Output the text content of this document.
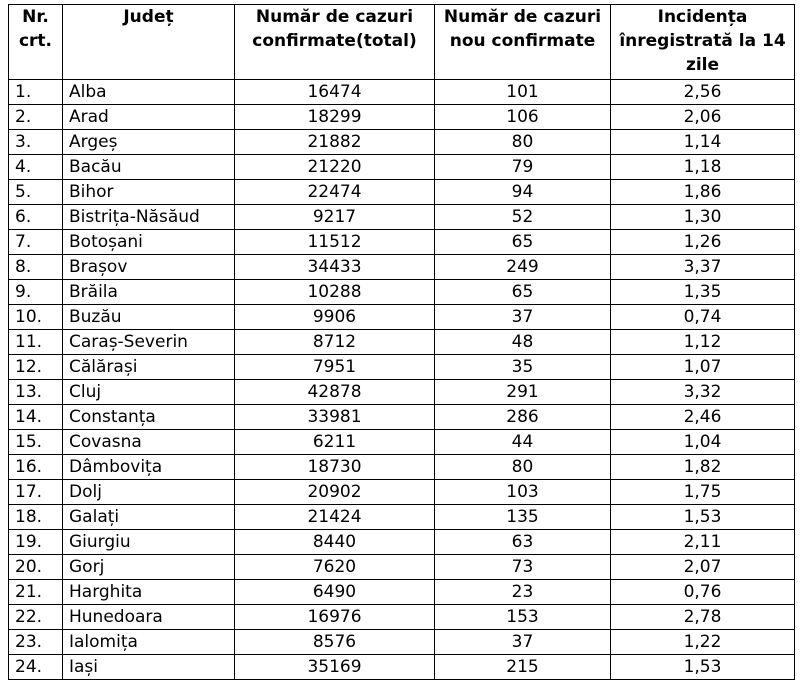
Nr. crt.	Județ	Număr de cazuri confirmate(total)	Număr de cazuri nou confirmate	Incidența înregistrată la 14 zile
1.	Alba	16474	101	2,56
2.	Arad	18299	106	2,06
3.	Argeș	21882	80	1,14
4.	Bacău	21220	79	1,18
5.	Bihor	22474	94	1,86
6.	Bistrița-Năsăud	9217	52	1,30
7.	Botoșani	11512	65	1,26
8.	Brașov	34433	249	3,37
9.	Brăila	10288	65	1,35
10.	Buzău	9906	37	0,74
11.	Caraș-Severin	8712	48	1,12
12.	Călărași	7951	35	1,07
13.	Cluj	42878	291	3,32
14.	Constanța	33981	286	2,46
15.	Covasna	6211	44	1,04
16.	Dâmbovița	18730	80	1,82
17.	Dolj	20902	103	1,75
18.	Galați	21424	135	1,53
19.	Giurgiu	8440	63	2,11
20.	Gorj	7620	73	2,07
21.	Harghita	6490	23	0,76
22.	Hunedoara	16976	153	2,78
23.	Ialomița	8576	37	1,22
24.	Iași	35169	215	1,53
